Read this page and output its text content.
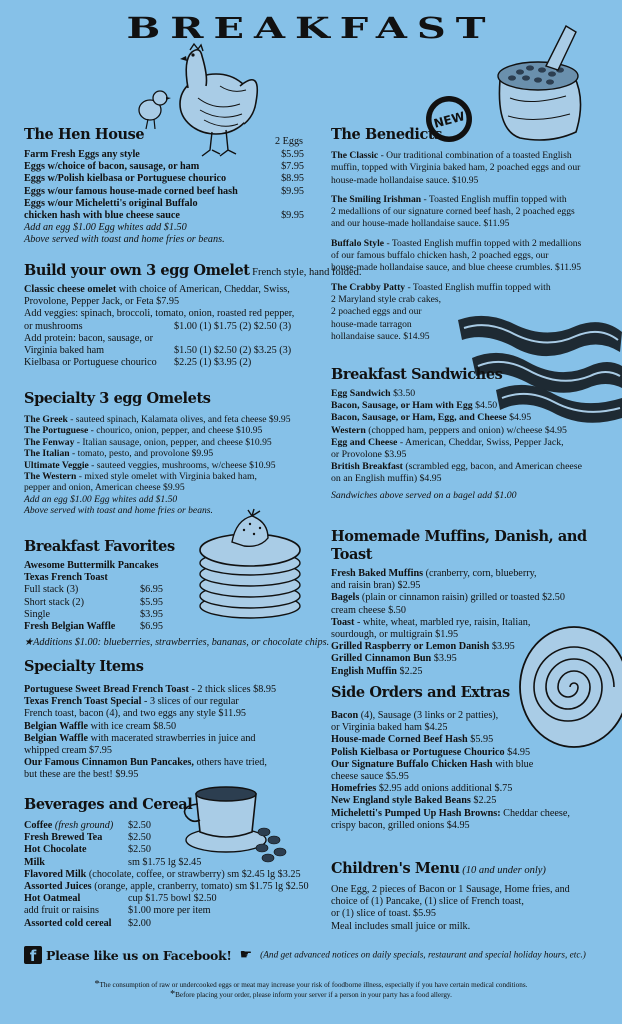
BREAKFAST
NEW
The Hen House	2 Eggs
Farm Fresh Eggs any style	$5.95
Eggs w/choice of bacon, sausage, or ham	$7.95
Eggs w/Polish kielbasa or Portuguese chourico	$8.95
Eggs w/our famous house-made corned beef hash	$9.95
Eggs w/our Micheletti's original Buffalo
chicken hash with blue cheese sauce	$9.95
Add an egg $1.00 Egg whites add $1.50
Above served with toast and home fries or beans.
Build your own 3 egg Omelet French style, hand folded.
Classic cheese omelet with choice of American, Cheddar, Swiss,
Provolone, Pepper Jack, or Feta $7.95
Add veggies: spinach, broccoli, tomato, onion, roasted red pepper,
or mushrooms	$1.00 (1) $1.75 (2) $2.50 (3)
Add protein: bacon, sausage, or
Virginia baked ham	$1.50 (1) $2.50 (2) $3.25 (3)
Kielbasa or Portuguese chourico $2.25 (1) $3.95 (2)
Specialty 3 egg Omelets
The Greek - sauteed spinach, Kalamata olives, and feta cheese $9.95
The Portuguese - chourico, onion, pepper, and cheese $10.95
The Fenway - Italian sausage, onion, pepper, and cheese $10.95
The Italian - tomato, pesto, and provolone $9.95
Ultimate Veggie - sauteed veggies, mushrooms, w/cheese $10.95
The Western - mixed style omelet with Virginia baked ham,
pepper and onion, American cheese $9.95
Add an egg $1.00 Egg whites add $1.50
Above served with toast and home fries or beans.
Breakfast Favorites
Awesome Buttermilk Pancakes
Texas French Toast
Full stack (3)	$6.95
Short stack (2)	$5.95
Single	$3.95
Fresh Belgian Waffle $6.95
★Additions $1.00: blueberries, strawberries, bananas, or chocolate chips.
Specialty Items
Portuguese Sweet Bread French Toast - 2 thick slices $8.95
Texas French Toast Special - 3 slices of our regular
French toast, bacon (4), and two eggs any style $11.95
Belgian Waffle with ice cream $8.50
Belgian Waffle with macerated strawberries in juice and
whipped cream $7.95
Our Famous Cinnamon Bun Pancakes, others have tried,
but these are the best! $9.95
Beverages and Cereal
Coffee (fresh ground) $2.50
Fresh Brewed Tea	$2.50
Hot Chocolate	$2.50
Milk	sm $1.75 lg $2.45
Flavored Milk (chocolate, coffee, or strawberry) sm $2.45 lg $3.25
Assorted Juices (orange, apple, cranberry, tomato) sm $1.75 lg $2.50
Hot Oatmeal	cup $1.75 bowl $2.50
add fruit or raisins	$1.00 more per item
Assorted cold cereal $2.00
The Benedicts
The Classic - Our traditional combination of a toasted English
muffin, topped with Virginia baked ham, 2 poached eggs and our
house-made hollandaise sauce. $10.95
The Smiling Irishman - Toasted English muffin topped with
2 medallions of our signature corned beef hash, 2 poached eggs
and our house-made hollandaise sauce. $11.95
Buffalo Style - Toasted English muffin topped with 2 medallions
of our famous buffalo chicken hash, 2 poached eggs, our
house-made hollandaise sauce, and blue cheese crumbles. $11.95
The Crabby Patty - Toasted English muffin topped with
2 Maryland style crab cakes,
2 poached eggs and our
house-made tarragon
hollandaise sauce. $14.95
Breakfast Sandwiches
Egg Sandwich $3.50
Bacon, Sausage, or Ham with Egg $4.50
Bacon, Sausage, or Ham, Egg, and Cheese $4.95
Western (chopped ham, peppers and onion) w/cheese $4.95
Egg and Cheese - American, Cheddar, Swiss, Pepper Jack,
or Provolone $3.95
British Breakfast (scrambled egg, bacon, and American cheese
on an English muffin) $4.95
Sandwiches above served on a bagel add $1.00
Homemade Muffins, Danish, and Toast
Fresh Baked Muffins (cranberry, corn, blueberry,
and raisin bran) $2.95
Bagels (plain or cinnamon raisin) grilled or toasted $2.50
cream cheese $.50
Toast - white, wheat, marbled rye, raisin, Italian,
sourdough, or multigrain $1.95
Grilled Raspberry or Lemon Danish $3.95
Grilled Cinnamon Bun $3.95
English Muffin $2.25
Side Orders and Extras
Bacon (4), Sausage (3 links or 2 patties),
or Virginia baked ham $4.25
House-made Corned Beef Hash $5.95
Polish Kielbasa or Portuguese Chourico $4.95
Our Signature Buffalo Chicken Hash with blue
cheese sauce $5.95
Homefries $2.95 add onions additional $.75
New England style Baked Beans $2.25
Micheletti's Pumped Up Hash Browns: Cheddar cheese,
crispy bacon, grilled onions $4.95
Children's Menu (10 and under only)
One Egg, 2 pieces of Bacon or 1 Sausage, Home fries, and
choice of (1) Pancake, (1) slice of French toast,
or (1) slice of toast. $5.95
Meal includes small juice or milk.
f Please like us on Facebook! ☛ (And get advanced notices on daily specials, restaurant and special holiday hours, etc.)
*The consumption of raw or undercooked eggs or meat may increase your risk of foodborne illness, especially if you have certain medical conditions.
*Before placing your order, please inform your server if a person in your party has a food allergy.
